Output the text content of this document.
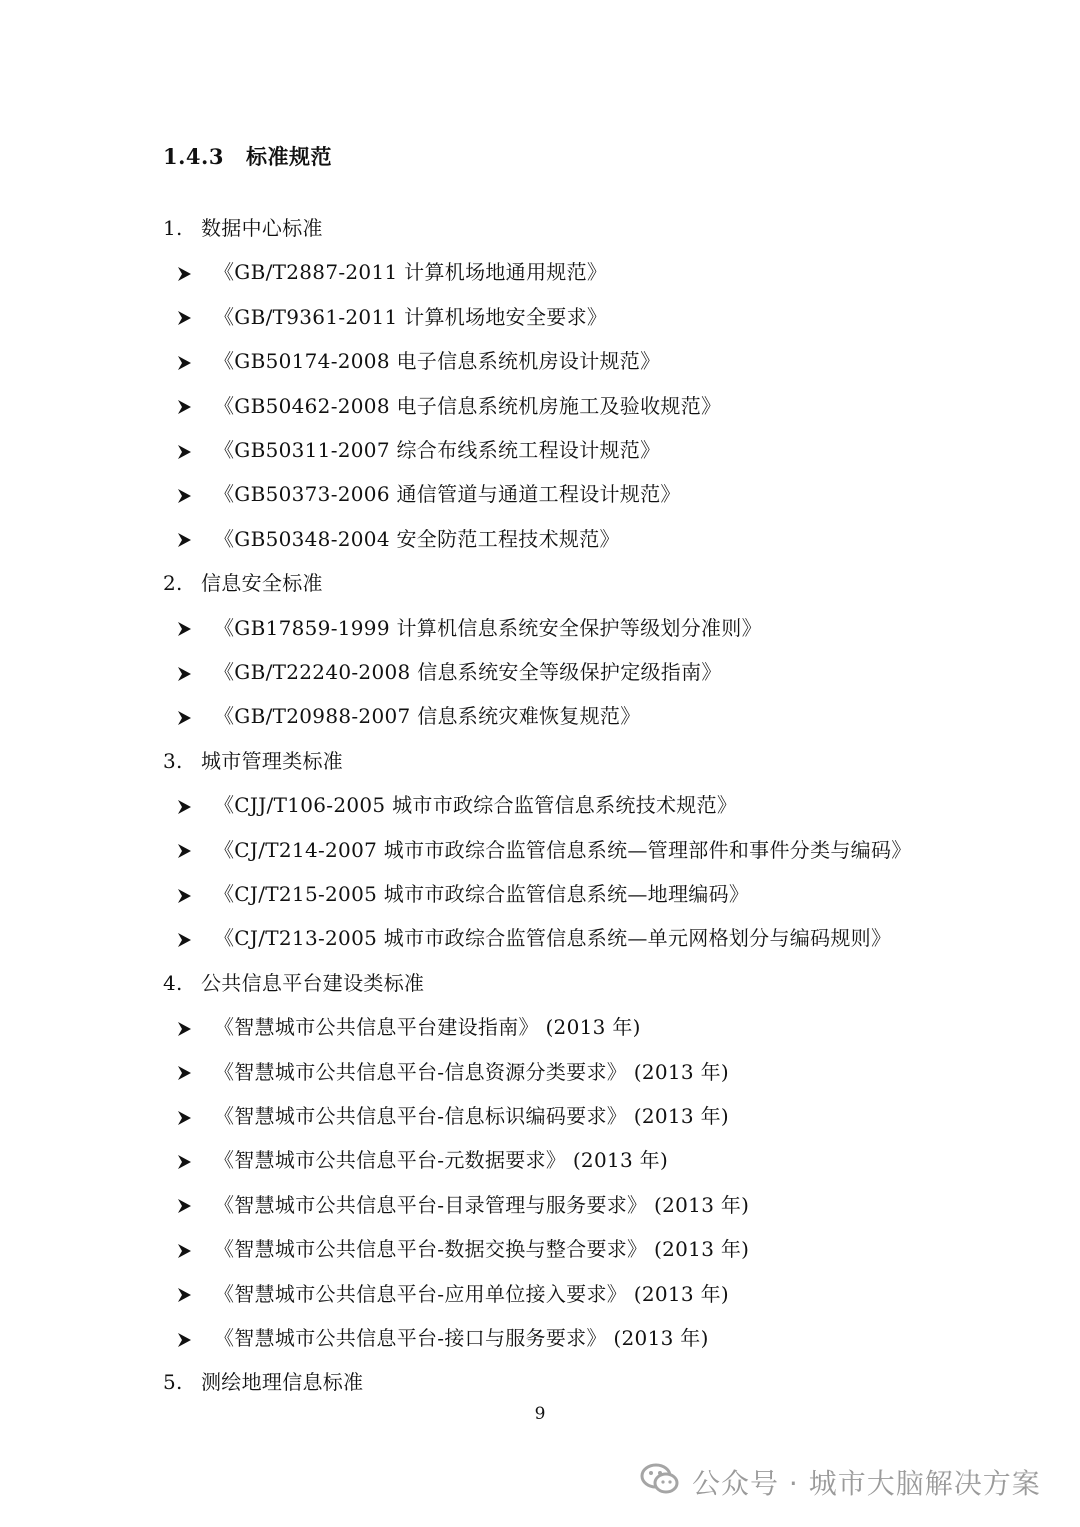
1.4.3 标准规范
1. 数据中心标准
《GB/T2887-2011 计算机场地通用规范》
《GB/T9361-2011 计算机场地安全要求》
《GB50174-2008 电子信息系统机房设计规范》
《GB50462-2008 电子信息系统机房施工及验收规范》
《GB50311-2007 综合布线系统工程设计规范》
《GB50373-2006 通信管道与通道工程设计规范》
《GB50348-2004 安全防范工程技术规范》
2. 信息安全标准
《GB17859-1999 计算机信息系统安全保护等级划分准则》
《GB/T22240-2008 信息系统安全等级保护定级指南》
《GB/T20988-2007 信息系统灾难恢复规范》
3. 城市管理类标准
《CJJ/T106-2005 城市市政综合监管信息系统技术规范》
《CJ/T214-2007 城市市政综合监管信息系统—管理部件和事件分类与编码》
《CJ/T215-2005 城市市政综合监管信息系统—地理编码》
《CJ/T213-2005 城市市政综合监管信息系统—单元网格划分与编码规则》
4. 公共信息平台建设类标准
《智慧城市公共信息平台建设指南》 (2013 年)
《智慧城市公共信息平台-信息资源分类要求》 (2013 年)
《智慧城市公共信息平台-信息标识编码要求》 (2013 年)
《智慧城市公共信息平台-元数据要求》 (2013 年)
《智慧城市公共信息平台-目录管理与服务要求》 (2013 年)
《智慧城市公共信息平台-数据交换与整合要求》 (2013 年)
《智慧城市公共信息平台-应用单位接入要求》 (2013 年)
《智慧城市公共信息平台-接口与服务要求》 (2013 年)
5. 测绘地理信息标准
9
公众号 · 城市大脑解决方案
